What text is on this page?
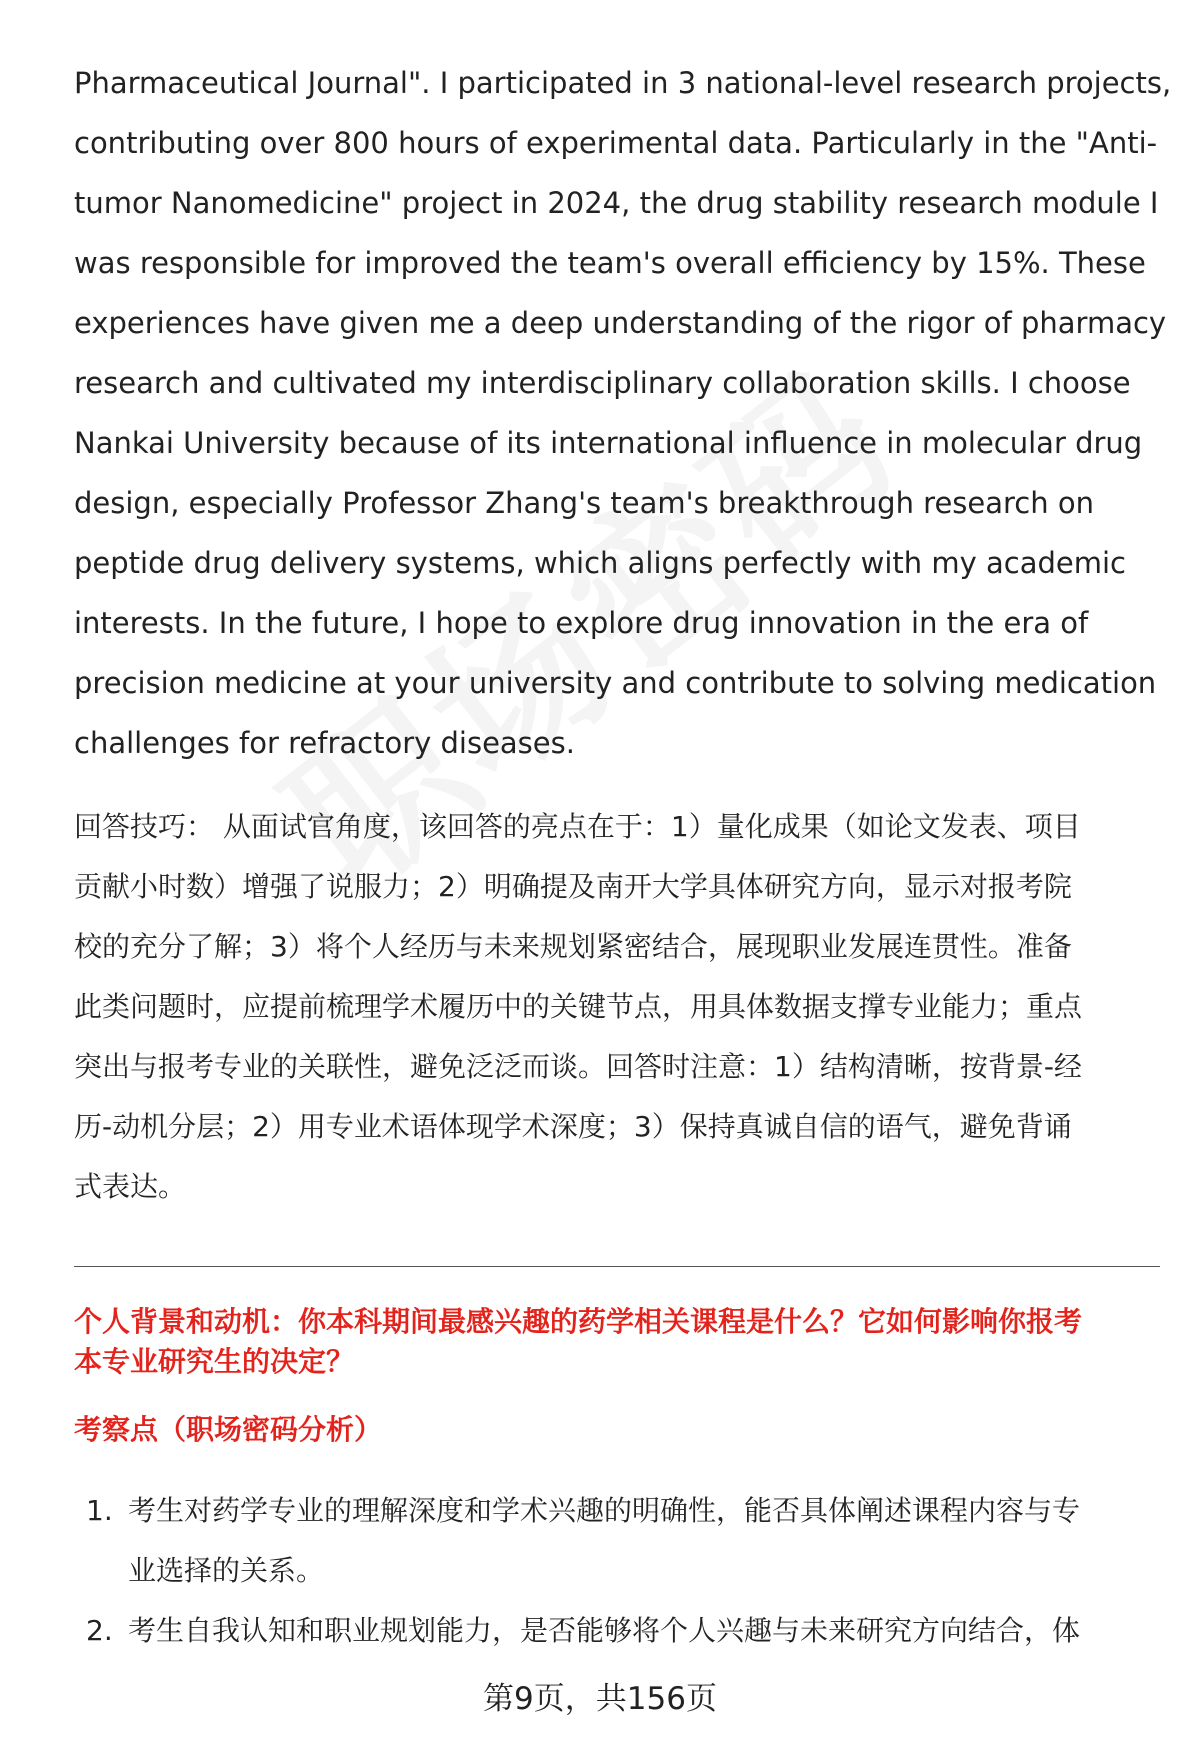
Pharmaceutical Journal". I participated in 3 national-level research projects,
contributing over 800 hours of experimental data. Particularly in the "Anti-
tumor Nanomedicine" project in 2024, the drug stability research module I
was responsible for improved the team's overall efficiency by 15%. These
experiences have given me a deep understanding of the rigor of pharmacy
research and cultivated my interdisciplinary collaboration skills. I choose
Nankai University because of its international influence in molecular drug
design, especially Professor Zhang's team's breakthrough research on
peptide drug delivery systems, which aligns perfectly with my academic
interests. In the future, I hope to explore drug innovation in the era of
precision medicine at your university and contribute to solving medication
challenges for refractory diseases.
回答技巧： 从面试官角度，该回答的亮点在于：1）量化成果（如论文发表、项目
贡献小时数）增强了说服力；2）明确提及南开大学具体研究方向，显示对报考院
校的充分了解；3）将个人经历与未来规划紧密结合，展现职业发展连贯性。准备
此类问题时，应提前梳理学术履历中的关键节点，用具体数据支撑专业能力；重点
突出与报考专业的关联性，避免泛泛而谈。回答时注意：1）结构清晰，按背景-经
历-动机分层；2）用专业术语体现学术深度；3）保持真诚自信的语气，避免背诵
式表达。
个人背景和动机：你本科期间最感兴趣的药学相关课程是什么？它如何影响你报考
本专业研究生的决定？
考察点（职场密码分析）
1. 考生对药学专业的理解深度和学术兴趣的明确性，能否具体阐述课程内容与专
业选择的关系。
2. 考生自我认知和职业规划能力，是否能够将个人兴趣与未来研究方向结合，体
第9页，共156页
